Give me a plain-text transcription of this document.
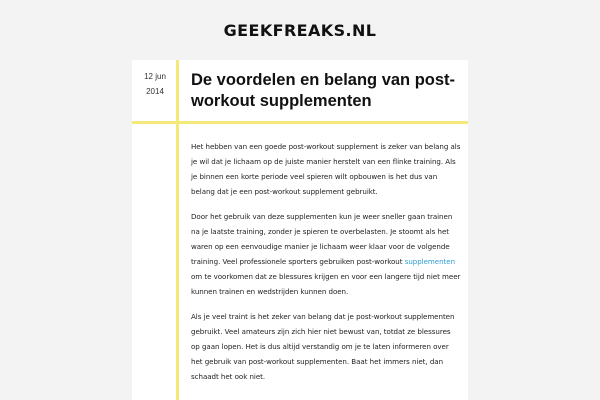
GEEKFREAKS.NL
12 jun
2014
De voordelen en belang van post-workout supplementen

Het hebben van een goede post-workout supplement is zeker van belang als je wil dat je lichaam op de juiste manier herstelt van een flinke training. Als je binnen een korte periode veel spieren wilt opbouwen is het dus van belang dat je een post-workout supplement gebruikt.

Door het gebruik van deze supplementen kun je weer sneller gaan trainen na je laatste training, zonder je spieren te overbelasten. Je stoomt als het waren op een eenvoudige manier je lichaam weer klaar voor de volgende training. Veel professionele sporters gebruiken post-workout supplementen om te voorkomen dat ze blessures krijgen en voor een langere tijd niet meer kunnen trainen en wedstrijden kunnen doen.

Als je veel traint is het zeker van belang dat je post-workout supplementen gebruikt. Veel amateurs zijn zich hier niet bewust van, totdat ze blessures op gaan lopen. Het is dus altijd verstandig om je te laten informeren over het gebruik van post-workout supplementen. Baat het immers niet, dan schaadt het ook niet.
